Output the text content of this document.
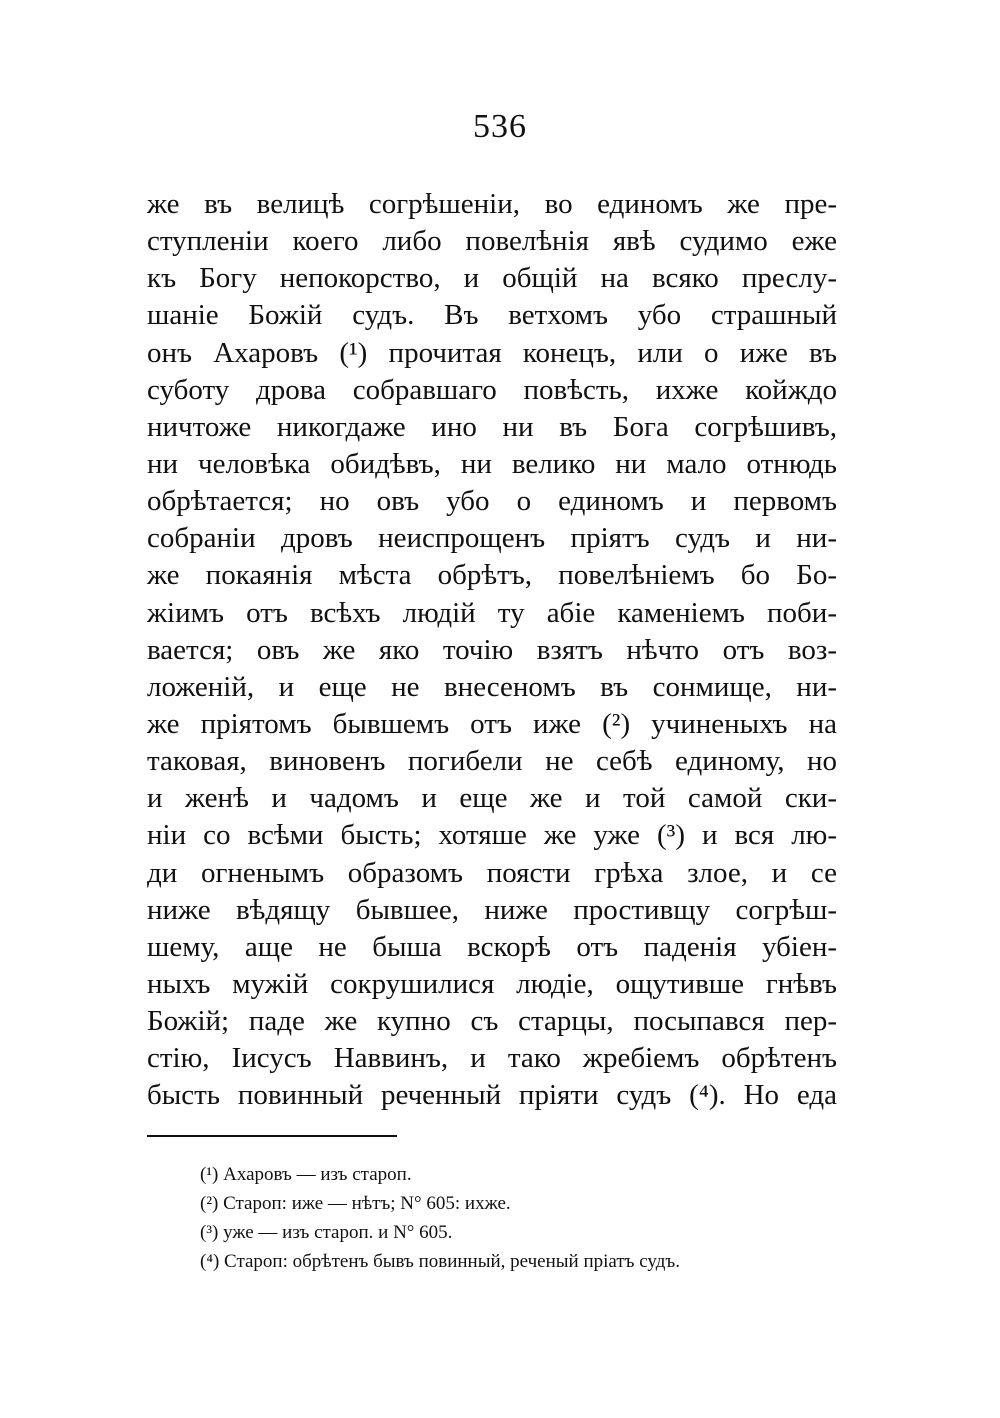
536
же въ велицѣ согрѣшеніи, во единомъ же пре-
ступленіи коего либо повелѣнія явѣ судимо еже
къ Богу непокорство, и общій на всяко преслу-
шаніе Божій судъ. Въ ветхомъ убо страшный
онъ Ахаровъ (¹) прочитая конецъ, или о иже въ
суботу дрова собравшаго повѣсть, ихже койждо
ничтоже никогдаже ино ни въ Бога согрѣшивъ,
ни человѣка обидѣвъ, ни велико ни мало отнюдь
обрѣтается; но овъ убо о единомъ и первомъ
собраніи дровъ неиспрощенъ пріятъ судъ и ни-
же покаянія мѣста обрѣтъ, повелѣніемъ бо Бо-
жіимъ отъ всѣхъ людій ту абіе каменіемъ поби-
вается; овъ же яко точію взятъ нѣчто отъ воз-
ложеній, и еще не внесеномъ въ сонмище, ни-
же пріятомъ бывшемъ отъ иже (²) учиненыхъ на
таковая, виновенъ погибели не себѣ единому, но
и женѣ и чадомъ и еще же и той самой ски-
ніи со всѣми бысть; хотяше же уже (³) и вся лю-
ди огненымъ образомъ поясти грѣха злое, и се
ниже вѣдящу бывшее, ниже простивщу согрѣш-
шему, аще не быша вскорѣ отъ паденія убіен-
ныхъ мужій сокрушилися людіе, ощутивше гнѣвъ
Божій; паде же купно съ старцы, посыпався пер-
стію, Іисусъ Наввинъ, и тако жребіемъ обрѣтенъ
бысть повинный реченный пріяти судъ (⁴). Но еда
(¹) Ахаровъ — изъ староп.
(²) Староп: иже — нѣтъ; N° 605: ихже.
(³) уже — изъ староп. и N° 605.
(⁴) Староп: обрѣтенъ бывъ повинный, реченый пріатъ судъ.
